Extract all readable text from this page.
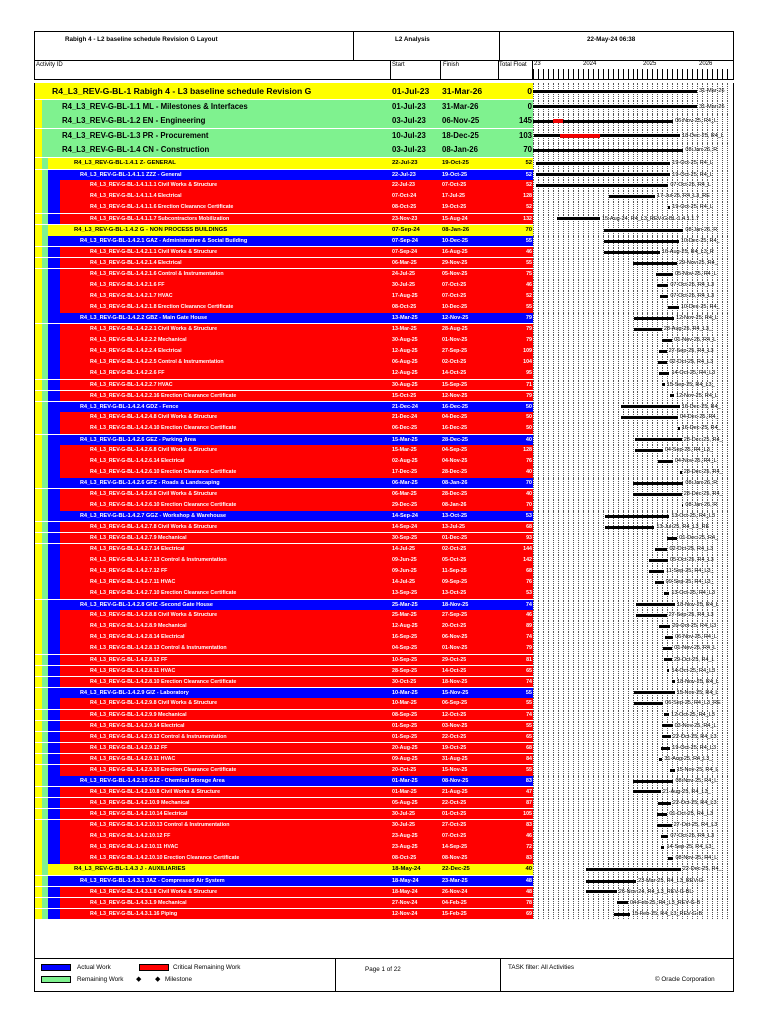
Rabigh 4 - L2 baseline schedule Revision G Layout	L2 Analysis	22-May-24 06:38
Activity ID	Start	Finish	Total Float 23	2024	2025	2026
R4_L3_REV-G-BL-1 Rabigh 4 - L3 baseline schedule Revision G	01-Jul-23 31-Mar-26	0	31-Mar-26
R4_L3_REV-G-BL-1.1 ML - Milestones & Interfaces	01-Jul-23 31-Mar-26	0	31-Mar-26
R4_L3_REV-G-BL-1.2 EN - Engineering	03-Jul-23 06-Nov-25	145	06-Nov-25, R4_L
R4_L3_REV-G-BL-1.3 PR - Procurement	10-Jul-23 18-Dec-25	103	18-Dec-25, R4_L
R4_L3_REV-G-BL-1.4 CN - Construction	03-Jul-23 08-Jan-26	70	08-Jan-26, R
R4_L3_REV-G-BL-1.4.1 Z- GENERAL	22-Jul-23	19-Oct-25	52	19-Oct-25, R4_L
R4_L3_REV-G-BL-1.4.1.1 ZZZ - General	22-Jul-23	19-Oct-25	52	19-Oct-25, R4_L
R4_L3_REV-G-BL-1.4.1.1.1 Civil Works & Structure	22-Jul-23	07-Oct-25	52	07-Oct-25, R4_L
R4_L3_REV-G-BL-1.4.1.1.4 Electrical	07-Oct-24	17-Jul-25	128	17-Jul-25, R4_L3_RE
R4_L3_REV-G-BL-1.4.1.1.6 Erection Clearance Certificate	08-Oct-25	19-Oct-25	52	19-Oct-25, R4_L
R4_L3_REV-G-BL-1.4.1.1.7 Subcontractors Mobilization	23-Nov-23	15-Aug-24	132	15-Aug-24, R4_L3_REV-G-BL-1.4.1.1.7
R4_L3_REV-G-BL-1.4.2 G - NON PROCESS BUILDINGS	07-Sep-24	08-Jan-26	70	08-Jan-26, R
R4_L3_REV-G-BL-1.4.2.1 GAZ - Administrative & Social Building	07-Sep-24	10-Dec-25	55	10-Dec-25, R4_
R4_L3_REV-G-BL-1.4.2.1.1 Civil Works & Structure	07-Sep-24	16-Aug-25	46	16-Aug-25, R4_L3_R
R4_L3_REV-G-BL-1.4.2.1.4 Electrical	06-Mar-25	29-Nov-25	55	29-Nov-25, R4_
R4_L3_REV-G-BL-1.4.2.1.6 Control & Instrumentation	24-Jul-25	05-Nov-25	75	05-Nov-25, R4_L
R4_L3_REV-G-BL-1.4.2.1.6 FF	30-Jul-25	07-Oct-25	46	07-Oct-25, R4_L3
R4_L3_REV-G-BL-1.4.2.1.7 HVAC	17-Aug-25	07-Oct-25	52	07-Oct-25, R4_L3
R4_L3_REV-G-BL-1.4.2.1.8 Erection Clearance Certificate	08-Oct-25	10-Dec-25	55	10-Dec-25, R4_
R4_L3_REV-G-BL-1.4.2.2 GBZ - Main Gate House	13-Mar-25	12-Nov-25	79	12-Nov-25, R4_L
R4_L3_REV-G-BL-1.4.2.2.1 Civil Works & Structure	13-Mar-25	28-Aug-25	79	28-Aug-25, R4_L3_
R4_L3_REV-G-BL-1.4.2.2.2 Mechanical	30-Aug-25	01-Nov-25	79	01-Nov-25, R4_L
R4_L3_REV-G-BL-1.4.2.2.4 Electrical	12-Aug-25	27-Sep-25	109	27-Sep-25, R4_L3
R4_L3_REV-G-BL-1.4.2.2.5 Control & Instrumentation	06-Aug-25	02-Oct-25	104	02-Oct-25, R4_L3
R4_L3_REV-G-BL-1.4.2.2.6 FF	12-Aug-25	14-Oct-25	95	14-Oct-25, R4_L3
R4_L3_REV-G-BL-1.4.2.2.7 HVAC	30-Aug-25	15-Sep-25	71	15-Sep-25, R4_L3_
R4_L3_REV-G-BL-1.4.2.2.16 Erection Clearance Certificate	15-Oct-25	12-Nov-25	79	12-Nov-25, R4_L
R4_L3_REV-G-BL-1.4.2.4 GDZ - Fence	21-Dec-24	16-Dec-25	50	16-Dec-25, R4_
R4_L3_REV-G-BL-1.4.2.4.8 Civil Works & Structure	21-Dec-24	04-Dec-25	50	04-Dec-25, R4_
R4_L3_REV-G-BL-1.4.2.4.10 Erection Clearance Certificate	06-Dec-25	16-Dec-25	50	16-Dec-25, R4_
R4_L3_REV-G-BL-1.4.2.6 GEZ - Parking Area	15-Mar-25	28-Dec-25	40	28-Dec-25, R4_
R4_L3_REV-G-BL-1.4.2.6.8 Civil Works & Structure	15-Mar-25	04-Sep-25	128	04-Sep-25, R4_L3_
R4_L3_REV-G-BL-1.4.2.6.14 Electrical	02-Aug-25	04-Nov-25	76	04-Nov-25, R4_L
R4_L3_REV-G-BL-1.4.2.6.10 Erection Clearance Certificate	17-Dec-25	28-Dec-25	40	28-Dec-25, R4_
R4_L3_REV-G-BL-1.4.2.6 GFZ - Roads & Landscaping	06-Mar-25	08-Jan-26	70	08-Jan-26, R
R4_L3_REV-G-BL-1.4.2.6.8 Civil Works & Structure	06-Mar-25	28-Dec-25	40	28-Dec-25, R4_
R4_L3_REV-G-BL-1.4.2.6.10 Erection Clearance Certificate	29-Dec-25	08-Jan-26	70	08-Jan-26, R
R4_L3_REV-G-BL-1.4.2.7 GGZ - Workshop & Warehouse	14-Sep-24	13-Oct-25	53	13-Oct-25, R4_L3
R4_L3_REV-G-BL-1.4.2.7.8 Civil Works & Structure	14-Sep-24	13-Jul-25	68	13-Jul-25, R4_L3_RE
R4_L3_REV-G-BL-1.4.2.7.9 Mechanical	30-Sep-25	01-Dec-25	93	01-Dec-25, R4_
R4_L3_REV-G-BL-1.4.2.7.14 Electrical	14-Jul-25	02-Oct-25	144	02-Oct-25, R4_L3
R4_L3_REV-G-BL-1.4.2.7.13 Control & Instrumentation	09-Jun-25	05-Oct-25	142	05-Oct-25, R4_L3
R4_L3_REV-G-BL-1.4.2.7.12 FF	09-Jun-25	11-Sep-25	68	11-Sep-25, R4_L3_
R4_L3_REV-G-BL-1.4.2.7.11 HVAC	14-Jul-25	09-Sep-25	76	09-Sep-25, R4_L3_
R4_L3_REV-G-BL-1.4.2.7.10 Erection Clearance Certificate	13-Sep-25	13-Oct-25	53	13-Oct-25, R4_L3
R4_L3_REV-G-BL-1.4.2.8 GHZ -Second Gate House	25-Mar-25	18-Nov-25	74	18-Nov-25, R4_L
R4_L3_REV-G-BL-1.4.2.8.8 Civil Works & Structure	25-Mar-25	27-Sep-25	46	27-Sep-25, R4_L3
R4_L3_REV-G-BL-1.4.2.8.9 Mechanical	12-Aug-25	20-Oct-25	89	20-Oct-25, R4_L3
R4_L3_REV-G-BL-1.4.2.8.14 Electrical	16-Sep-25	06-Nov-25	74	06-Nov-25, R4_L
R4_L3_REV-G-BL-1.4.2.8.13 Control & Instrumentation	04-Sep-25	01-Nov-25	79	01-Nov-25, R4_L
R4_L3_REV-G-BL-1.4.2.8.12 FF	10-Sep-25	29-Oct-25	81	29-Oct-25, R4_L
R4_L3_REV-G-BL-1.4.2.8.11 HVAC	28-Sep-25	14-Oct-25	65	14-Oct-25, R4_L3
R4_L3_REV-G-BL-1.4.2.8.10 Erection Clearance Certificate	30-Oct-25	18-Nov-25	74	18-Nov-25, R4_L
R4_L3_REV-G-BL-1.4.2.9 GIZ - Laboratory	10-Mar-25	15-Nov-25	55	15-Nov-25, R4_L
R4_L3_REV-G-BL-1.4.2.9.8 Civil Works & Structure	10-Mar-25	06-Sep-25	55	06-Sep-25, R4_L3_RE
R4_L3_REV-G-BL-1.4.2.9.9 Mechanical	08-Sep-25	12-Oct-25	74	12-Oct-25, R4_L3
R4_L3_REV-G-BL-1.4.2.9.14 Electrical	01-Sep-25	03-Nov-25	55	03-Nov-25, R4_L
R4_L3_REV-G-BL-1.4.2.9.13 Control & Instrumentation	01-Sep-25	22-Oct-25	65	22-Oct-25, R4_L3
R4_L3_REV-G-BL-1.4.2.9.12 FF	20-Aug-25	19-Oct-25	68	19-Oct-25, R4_L3
R4_L3_REV-G-BL-1.4.2.9.11 HVAC	09-Aug-25	31-Aug-25	84	31-Aug-25, R4_L3_
R4_L3_REV-G-BL-1.4.2.9.10 Erection Clearance Certificate	20-Oct-25	15-Nov-25	55	15-Nov-25, R4_L
R4_L3_REV-G-BL-1.4.2.10 GJZ - Chemical Storage Area	01-Mar-25	08-Nov-25	83	08-Nov-25, R4_L
R4_L3_REV-G-BL-1.4.2.10.8 Civil Works & Structure	01-Mar-25	21-Aug-25	47	21-Aug-25, R4_L3_
R4_L3_REV-G-BL-1.4.2.10.9 Mechanical	05-Aug-25	22-Oct-25	87	22-Oct-25, R4_L3
R4_L3_REV-G-BL-1.4.2.10.14 Electrical	30-Jul-25	01-Oct-25	105	01-Oct-25, R4_L3
R4_L3_REV-G-BL-1.4.2.10.13 Control & Instrumentation	30-Jul-25	27-Oct-25	83	27-Oct-25, R4_L3
R4_L3_REV-G-BL-1.4.2.10.12 FF	23-Aug-25	07-Oct-25	46	07-Oct-25, R4_L3
R4_L3_REV-G-BL-1.4.2.10.11 HVAC	23-Aug-25	14-Sep-25	72	14-Sep-25, R4_L3_
R4_L3_REV-G-BL-1.4.2.10.10 Erection Clearance Certificate	08-Oct-25	08-Nov-25	83	08-Nov-25, R4_L
R4_L3_REV-G-BL-1.4.3 J - AUXILIARIES	18-May-24	22-Dec-25	40	22-Dec-25, R4_
R4_L3_REV-G-BL-1.4.3.1 JAZ - Compressed Air System	18-May-24	23-Mar-25	48	23-Mar-25, R4_L3_REV-G-
R4_L3_REV-G-BL-1.4.3.1.8 Civil Works & Structure	18-May-24	26-Nov-24	48	26-Nov-24, R4_L3_REV-G-BL-
R4_L3_REV-G-BL-1.4.3.1.9 Mechanical	27-Nov-24	04-Feb-25	78	04-Feb-25, R4_L3_REV-G-B
R4_L3_REV-G-BL-1.4.3.1.16 Piping	12-Nov-24	15-Feb-25	69	15-Feb-25, R4_L3_REV-G-B
Actual Work	Critical Remaining Work
Remaining Work ◆ ◆ Milestone
Page 1 of 22	TASK filter: All Activities
© Oracle Corporation
